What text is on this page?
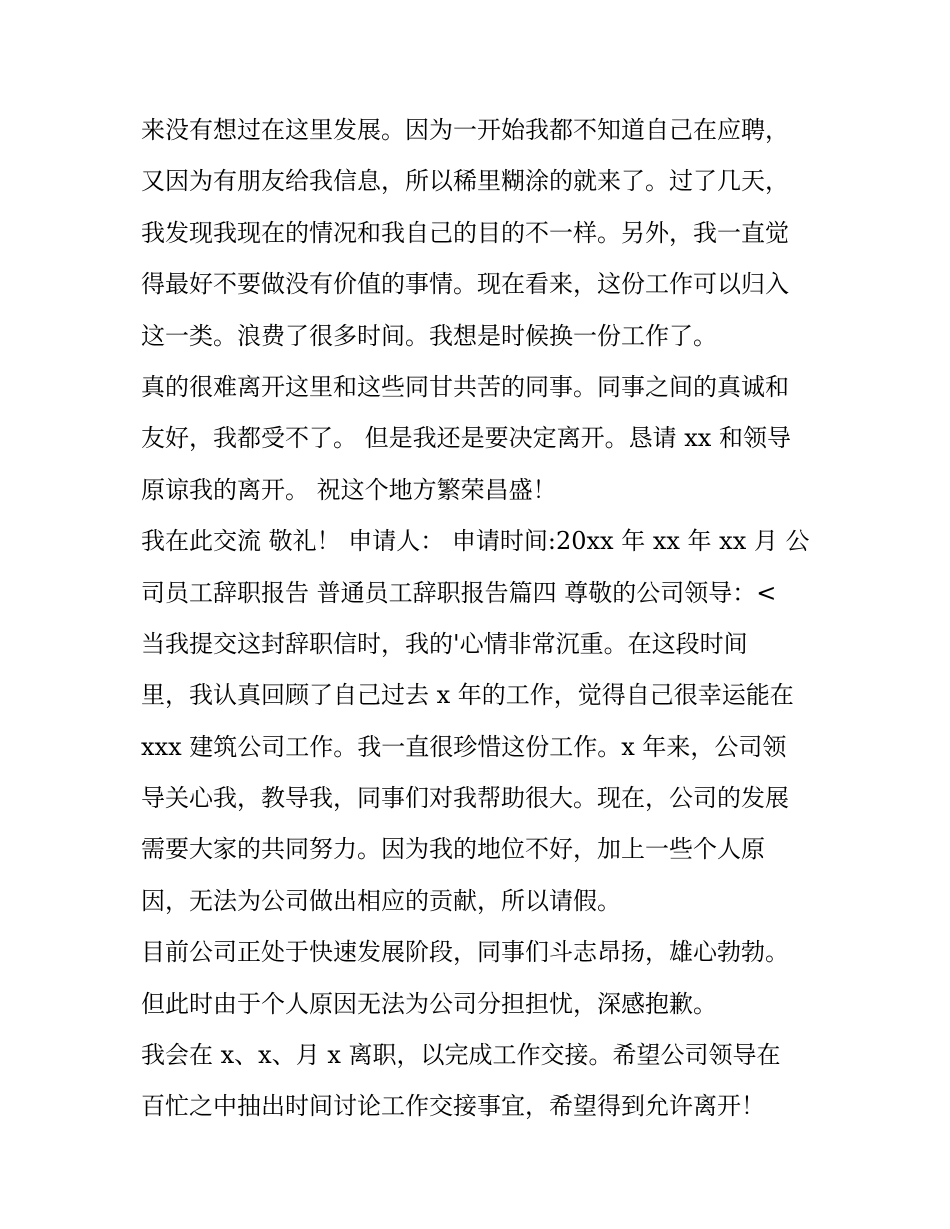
来没有想过在这里发展。因为一开始我都不知道自己在应聘，
又因为有朋友给我信息，所以稀里糊涂的就来了。过了几天，
我发现我现在的情况和我自己的目的不一样。另外，我一直觉
得最好不要做没有价值的事情。现在看来，这份工作可以归入
这一类。浪费了很多时间。我想是时候换一份工作了。
真的很难离开这里和这些同甘共苦的同事。同事之间的真诚和
友好，我都受不了。 但是我还是要决定离开。恳请 xx 和领导
原谅我的离开。 祝这个地方繁荣昌盛！
我在此交流 敬礼！ 申请人： 申请时间:20xx 年 xx 年 xx 月 公
司员工辞职报告 普通员工辞职报告篇四 尊敬的公司领导：<
当我提交这封辞职信时，我的'心情非常沉重。在这段时间
里，我认真回顾了自己过去 x 年的工作，觉得自己很幸运能在
xxx 建筑公司工作。我一直很珍惜这份工作。x 年来，公司领
导关心我，教导我，同事们对我帮助很大。现在，公司的发展
需要大家的共同努力。因为我的地位不好，加上一些个人原
因，无法为公司做出相应的贡献，所以请假。
目前公司正处于快速发展阶段，同事们斗志昂扬，雄心勃勃。
但此时由于个人原因无法为公司分担担忧，深感抱歉。
我会在 x、x、月 x 离职，以完成工作交接。希望公司领导在
百忙之中抽出时间讨论工作交接事宜，希望得到允许离开！
